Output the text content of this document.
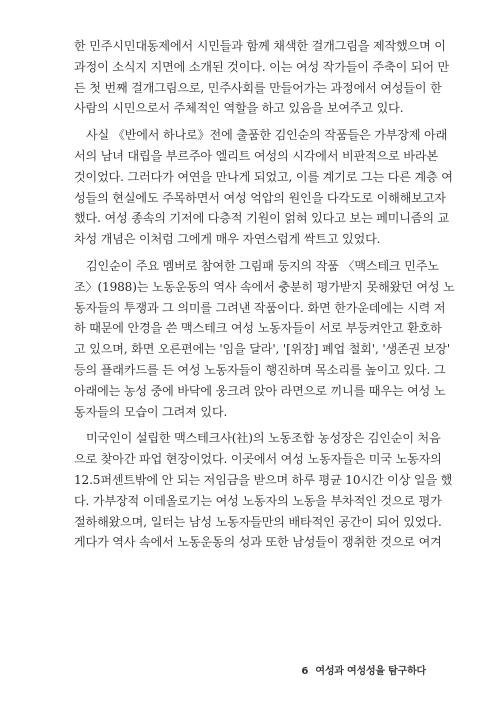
한 민주시민대동제에서 시민들과 함께 채색한 걸개그림을 제작했으며 이
과정이 소식지 지면에 소개된 것이다. 이는 여성 작가들이 주축이 되어 만
든 첫 번째 걸개그림으로, 민주사회를 만들어가는 과정에서 여성들이 한
사람의 시민으로서 주체적인 역할을 하고 있음을 보여주고 있다.
사실 《반에서 하나로》전에 출품한 김인순의 작품들은 가부장제 아래
서의 남녀 대립을 부르주아 엘리트 여성의 시각에서 비판적으로 바라본
것이었다. 그러다가 여연을 만나게 되었고, 이를 계기로 그는 다른 계층 여
성들의 현실에도 주목하면서 여성 억압의 원인을 다각도로 이해해보고자
했다. 여성 종속의 기저에 다층적 기원이 얽혀 있다고 보는 페미니즘의 교
차성 개념은 이처럼 그에게 매우 자연스럽게 싹트고 있었다.
김인순이 주요 멤버로 참여한 그림패 둥지의 작품 〈맥스테크 민주노
조〉(1988)는 노동운동의 역사 속에서 충분히 평가받지 못해왔던 여성 노
동자들의 투쟁과 그 의미를 그려낸 작품이다. 화면 한가운데에는 시력 저
하 때문에 안경을 쓴 맥스테크 여성 노동자들이 서로 부둥켜안고 환호하
고 있으며, 화면 오른편에는 '임을 달라', '[위장] 폐업 철회', '생존권 보장'
등의 플래카드를 든 여성 노동자들이 행진하며 목소리를 높이고 있다. 그
아래에는 농성 중에 바닥에 웅크려 앉아 라면으로 끼니를 때우는 여성 노
동자들의 모습이 그려져 있다.
미국인이 설립한 맥스테크사(社)의 노동조합 농성장은 김인순이 처음
으로 찾아간 파업 현장이었다. 이곳에서 여성 노동자들은 미국 노동자의
12.5퍼센트밖에 안 되는 저임금을 받으며 하루 평균 10시간 이상 일을 했
다. 가부장적 이데올로기는 여성 노동자의 노동을 부차적인 것으로 평가
절하해왔으며, 일터는 남성 노동자들만의 배타적인 공간이 되어 있었다.
게다가 역사 속에서 노동운동의 성과 또한 남성들이 쟁취한 것으로 여겨
6 여성과 여성성을 탐구하다
